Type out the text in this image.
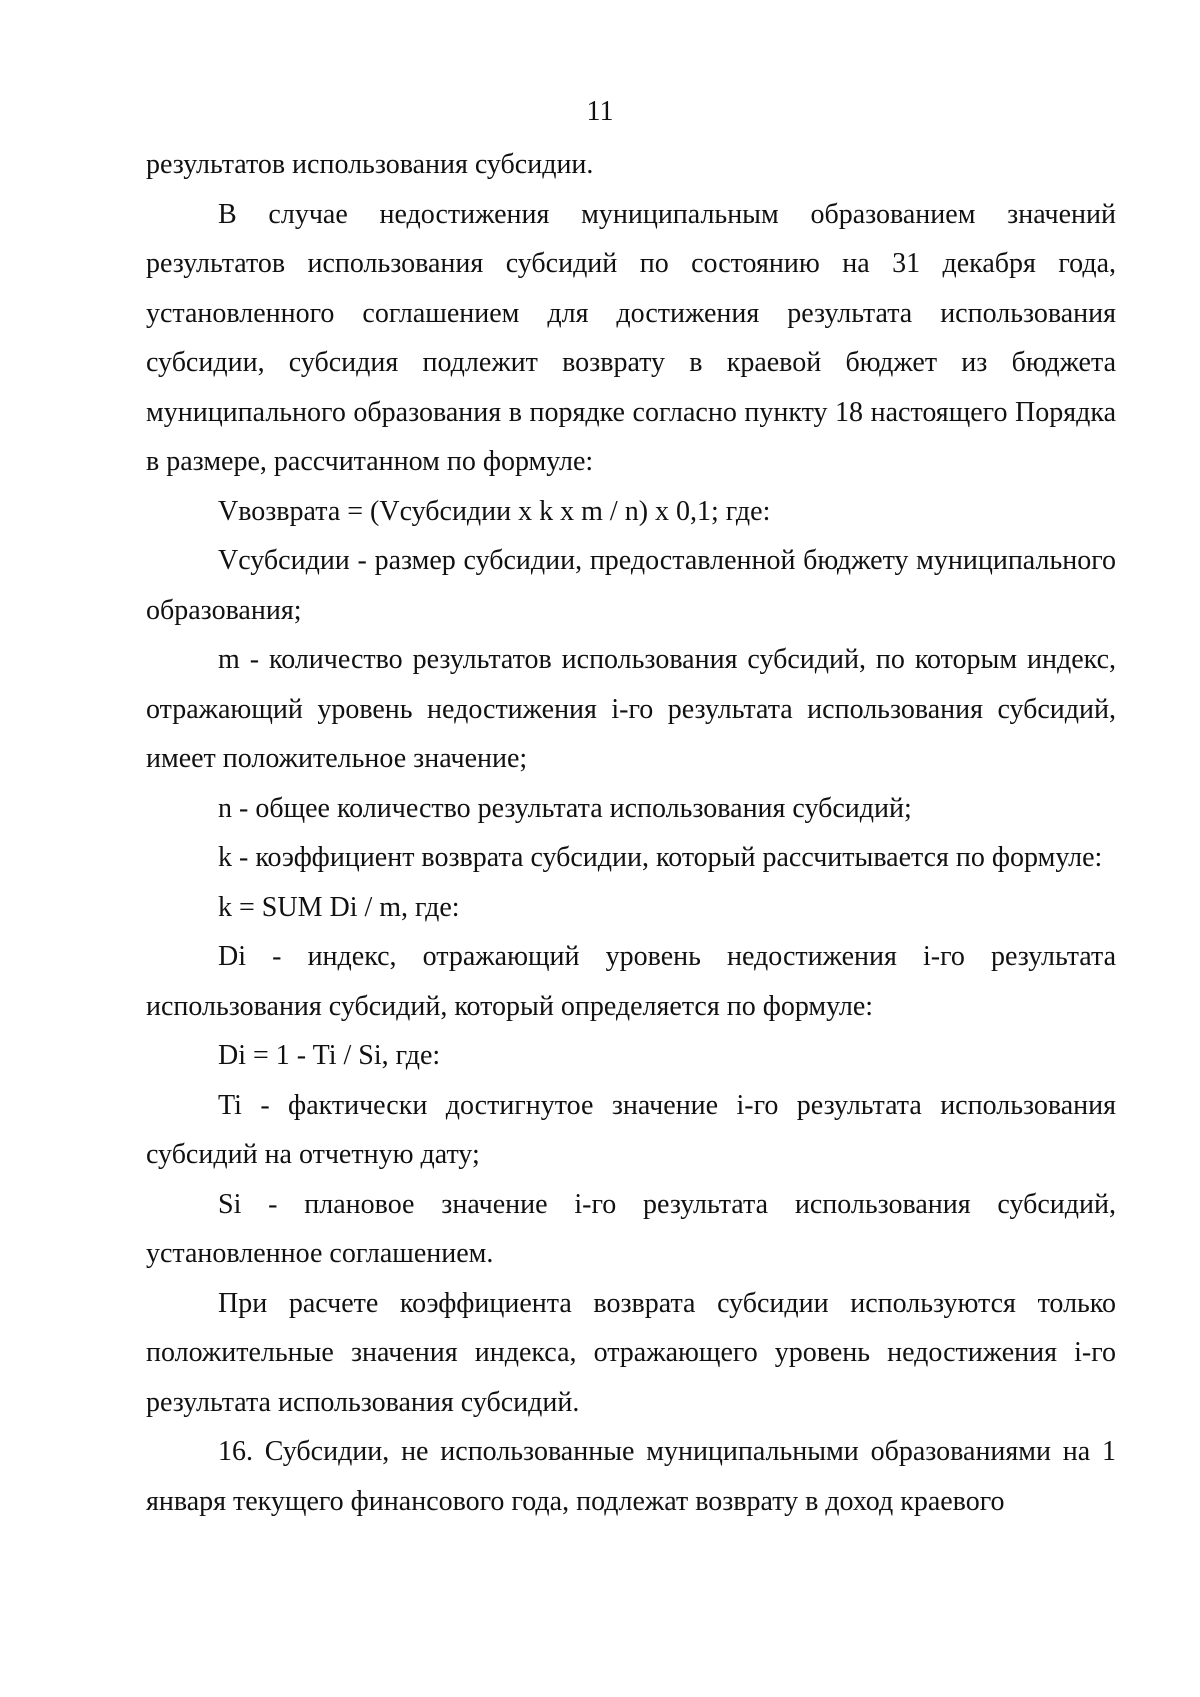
11

результатов использования субсидии.

В случае недостижения муниципальным образованием значений результатов использования субсидий по состоянию на 31 декабря года, установленного соглашением для достижения результата использования субсидии, субсидия подлежит возврату в краевой бюджет из бюджета муниципального образования в порядке согласно пункту 18 настоящего Порядка в размере, рассчитанном по формуле:

Vвозврата = (Vсубсидии x k x m / n) x 0,1; где:

Vсубсидии - размер субсидии, предоставленной бюджету муниципального образования;

m - количество результатов использования субсидий, по которым индекс, отражающий уровень недостижения i-го результата использования субсидий, имеет положительное значение;

n - общее количество результата использования субсидий;

k - коэффициент возврата субсидии, который рассчитывается по формуле:

k = SUM Di / m, где:

Di - индекс, отражающий уровень недостижения i-го результата использования субсидий, который определяется по формуле:

Di = 1 - Ti / Si, где:

Ti - фактически достигнутое значение i-го результата использования субсидий на отчетную дату;

Si - плановое значение i-го результата использования субсидий, установленное соглашением.

При расчете коэффициента возврата субсидии используются только положительные значения индекса, отражающего уровень недостижения i-го результата использования субсидий.

16. Субсидии, не использованные муниципальными образованиями на 1 января текущего финансового года, подлежат возврату в доход краевого
